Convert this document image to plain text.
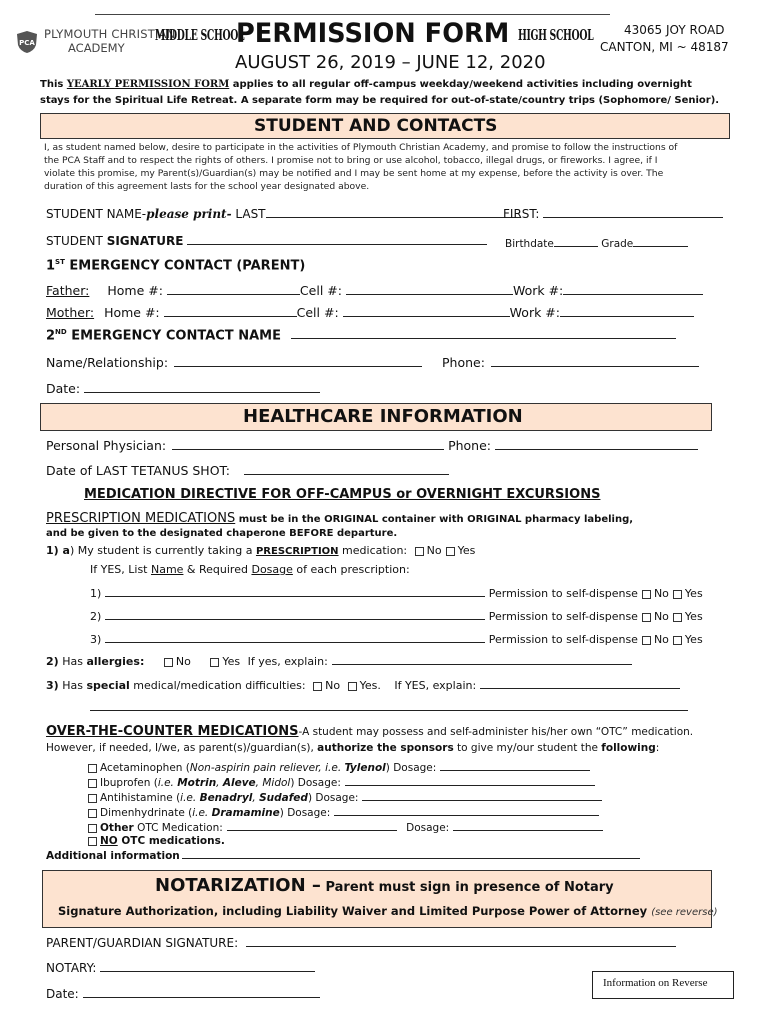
PCA
PLYMOUTH CHRISTIAN
ACADEMY
MIDDLE SCHOOL
PERMISSION FORM HIGH SCHOOL	43065 JOY ROAD
CANTON, MI ~ 48187
AUGUST 26, 2019 – JUNE 12, 2020
This YEARLY PERMISSION FORM applies to all regular off-campus weekday/weekend activities including overnight
stays for the Spiritual Life Retreat. A separate form may be required for out-of-state/country trips (Sophomore/ Senior).
STUDENT AND CONTACTS
I, as student named below, desire to participate in the activities of Plymouth Christian Academy, and promise to follow the instructions of
the PCA Staff and to respect the rights of others. I promise not to bring or use alcohol, tobacco, illegal drugs, or fireworks. I agree, if I
violate this promise, my Parent(s)/Guardian(s) may be notified and I may be sent home at my expense, before the activity is over. The
duration of this agreement lasts for the school year designated above.
STUDENT NAME-please print- LAST	FIRST:
STUDENT SIGNATURE	Birthdate	Grade
1ST EMERGENCY CONTACT (PARENT)
Father: Home #:	Cell #:	Work #:
Mother: Home #:	Cell #:	Work #:
2ND EMERGENCY CONTACT NAME
Name/Relationship:	Phone:
Date:
HEALTHCARE INFORMATION
Personal Physician:	Phone:
Date of LAST TETANUS SHOT:
MEDICATION DIRECTIVE FOR OFF-CAMPUS or OVERNIGHT EXCURSIONS
PRESCRIPTION MEDICATIONS must be in the ORIGINAL container with ORIGINAL pharmacy labeling,
and be given to the designated chaperone BEFORE departure.
1) a) My student is currently taking a PRESCRIPTION medication: No Yes
If YES, List Name & Required Dosage of each prescription:
1)	Permission to self-dispense No Yes
2)	Permission to self-dispense No Yes
3)	Permission to self-dispense No Yes
2) Has allergies:	No	Yes If yes, explain:
3) Has special medical/medication difficulties: No Yes. If YES, explain:
OVER-THE-COUNTER MEDICATIONS-A student may possess and self-administer his/her own “OTC” medication.
However, if needed, I/we, as parent(s)/guardian(s), authorize the sponsors to give my/our student the following:
Acetaminophen (Non-aspirin pain reliever, i.e. Tylenol) Dosage:
Ibuprofen (i.e. Motrin, Aleve, Midol) Dosage:
Antihistamine (i.e. Benadryl, Sudafed) Dosage:
Dimenhydrinate (i.e. Dramamine) Dosage:
Other OTC Medication:	Dosage:
NO OTC medications.
Additional information
NOTARIZATION – Parent must sign in presence of Notary
Signature Authorization, including Liability Waiver and Limited Purpose Power of Attorney (see reverse)
PARENT/GUARDIAN SIGNATURE:
NOTARY:
Date:
Information on Reverse
